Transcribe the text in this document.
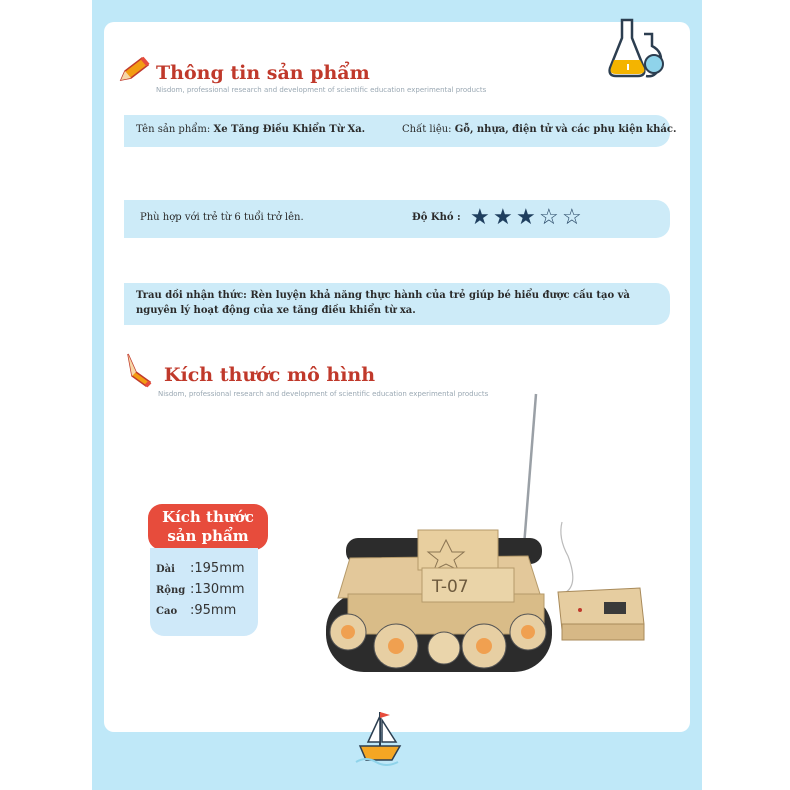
Thông tin sản phẩm
Nisdom, professional research and development of scientific education experimental products
Tên sản phẩm: Xe Tăng Điều Khiển Từ Xa.	Chất liệu: Gỗ, nhựa, điện tử và các phụ kiện khác.
Phù hợp với trẻ từ 6 tuổi trở lên.	Độ Khó : ★ ★ ★ ☆ ☆
Trau dồi nhận thức: Rèn luyện khả năng thực hành của trẻ giúp bé hiểu được cấu tạo và nguyên lý hoạt động của xe tăng điều khiển từ xa.
Kích thước mô hình
Nisdom, professional research and development of scientific education experimental products
Kích thước
sản phẩm
Dài :195mm
Rộng :130mm
Cao :95mm
T-07
